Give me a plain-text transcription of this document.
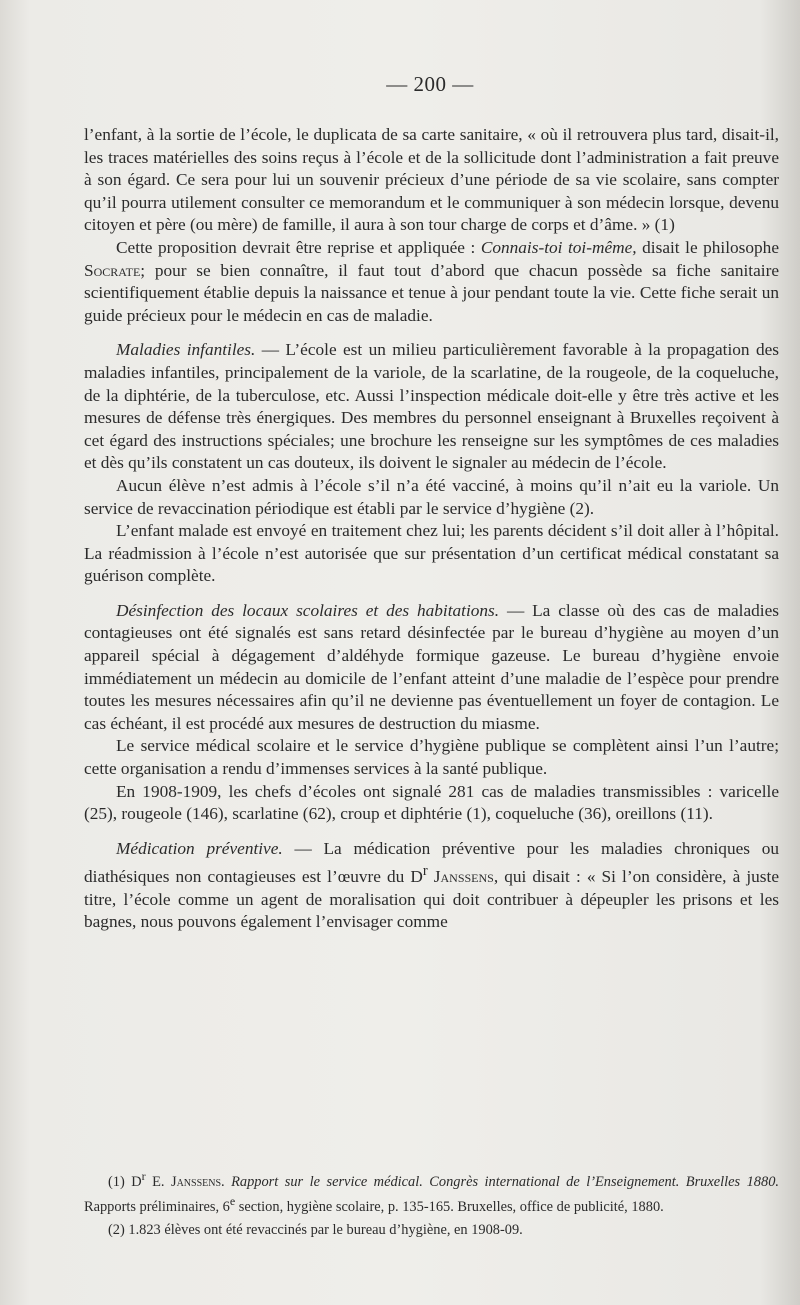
— 200 —

l’enfant, à la sortie de l’école, le duplicata de sa carte sanitaire, « où il retrouvera plus tard, disait-il, les traces matérielles des soins reçus à l’école et de la sollicitude dont l’administration a fait preuve à son égard. Ce sera pour lui un souvenir précieux d’une période de sa vie scolaire, sans compter qu’il pourra utilement consulter ce memorandum et le communiquer à son médecin lorsque, devenu citoyen et père (ou mère) de famille, il aura à son tour charge de corps et d’âme. » (1)

Cette proposition devrait être reprise et appliquée : Connais-toi toi-même, disait le philosophe Socrate; pour se bien connaître, il faut tout d’abord que chacun possède sa fiche sanitaire scientifiquement établie depuis la naissance et tenue à jour pendant toute la vie. Cette fiche serait un guide précieux pour le médecin en cas de maladie.

Maladies infantiles. — L’école est un milieu particulièrement favorable à la propagation des maladies infantiles, principalement de la variole, de la scarlatine, de la rougeole, de la coqueluche, de la diphtérie, de la tuberculose, etc. Aussi l’inspection médicale doit-elle y être très active et les mesures de défense très énergiques. Des membres du personnel enseignant à Bruxelles reçoivent à cet égard des instructions spéciales; une brochure les renseigne sur les symptômes de ces maladies et dès qu’ils constatent un cas douteux, ils doivent le signaler au médecin de l’école.

Aucun élève n’est admis à l’école s’il n’a été vacciné, à moins qu’il n’ait eu la variole. Un service de revaccination périodique est établi par le service d’hygiène (2).

L’enfant malade est envoyé en traitement chez lui; les parents décident s’il doit aller à l’hôpital. La réadmission à l’école n’est autorisée que sur présentation d’un certificat médical constatant sa guérison complète.

Désinfection des locaux scolaires et des habitations. — La classe où des cas de maladies contagieuses ont été signalés est sans retard désinfectée par le bureau d’hygiène au moyen d’un appareil spécial à dégagement d’aldéhyde formique gazeuse. Le bureau d’hygiène envoie immédiatement un médecin au domicile de l’enfant atteint d’une maladie de l’espèce pour prendre toutes les mesures nécessaires afin qu’il ne devienne pas éventuellement un foyer de contagion. Le cas échéant, il est procédé aux mesures de destruction du miasme.

Le service médical scolaire et le service d’hygiène publique se complètent ainsi l’un l’autre; cette organisation a rendu d’immenses services à la santé publique.

En 1908-1909, les chefs d’écoles ont signalé 281 cas de maladies transmissibles : varicelle (25), rougeole (146), scarlatine (62), croup et diphtérie (1), coqueluche (36), oreillons (11).

Médication préventive. — La médication préventive pour les maladies chroniques ou diathésiques non contagieuses est l’œuvre du $D^r$ Janssens, qui disait : « Si l’on considère, à juste titre, l’école comme un agent de moralisation qui doit contribuer à dépeupler les prisons et les bagnes, nous pouvons également l’envisager comme

(1) $D^r$ E. Janssens. Rapport sur le service médical. Congrès international de l’Enseignement. Bruxelles 1880. Rapports préliminaires, 6e section, hygiène scolaire, p. 135-165. Bruxelles, office de publicité, 1880.

(2) 1.823 élèves ont été revaccinés par le bureau d’hygiène, en 1908-09.
